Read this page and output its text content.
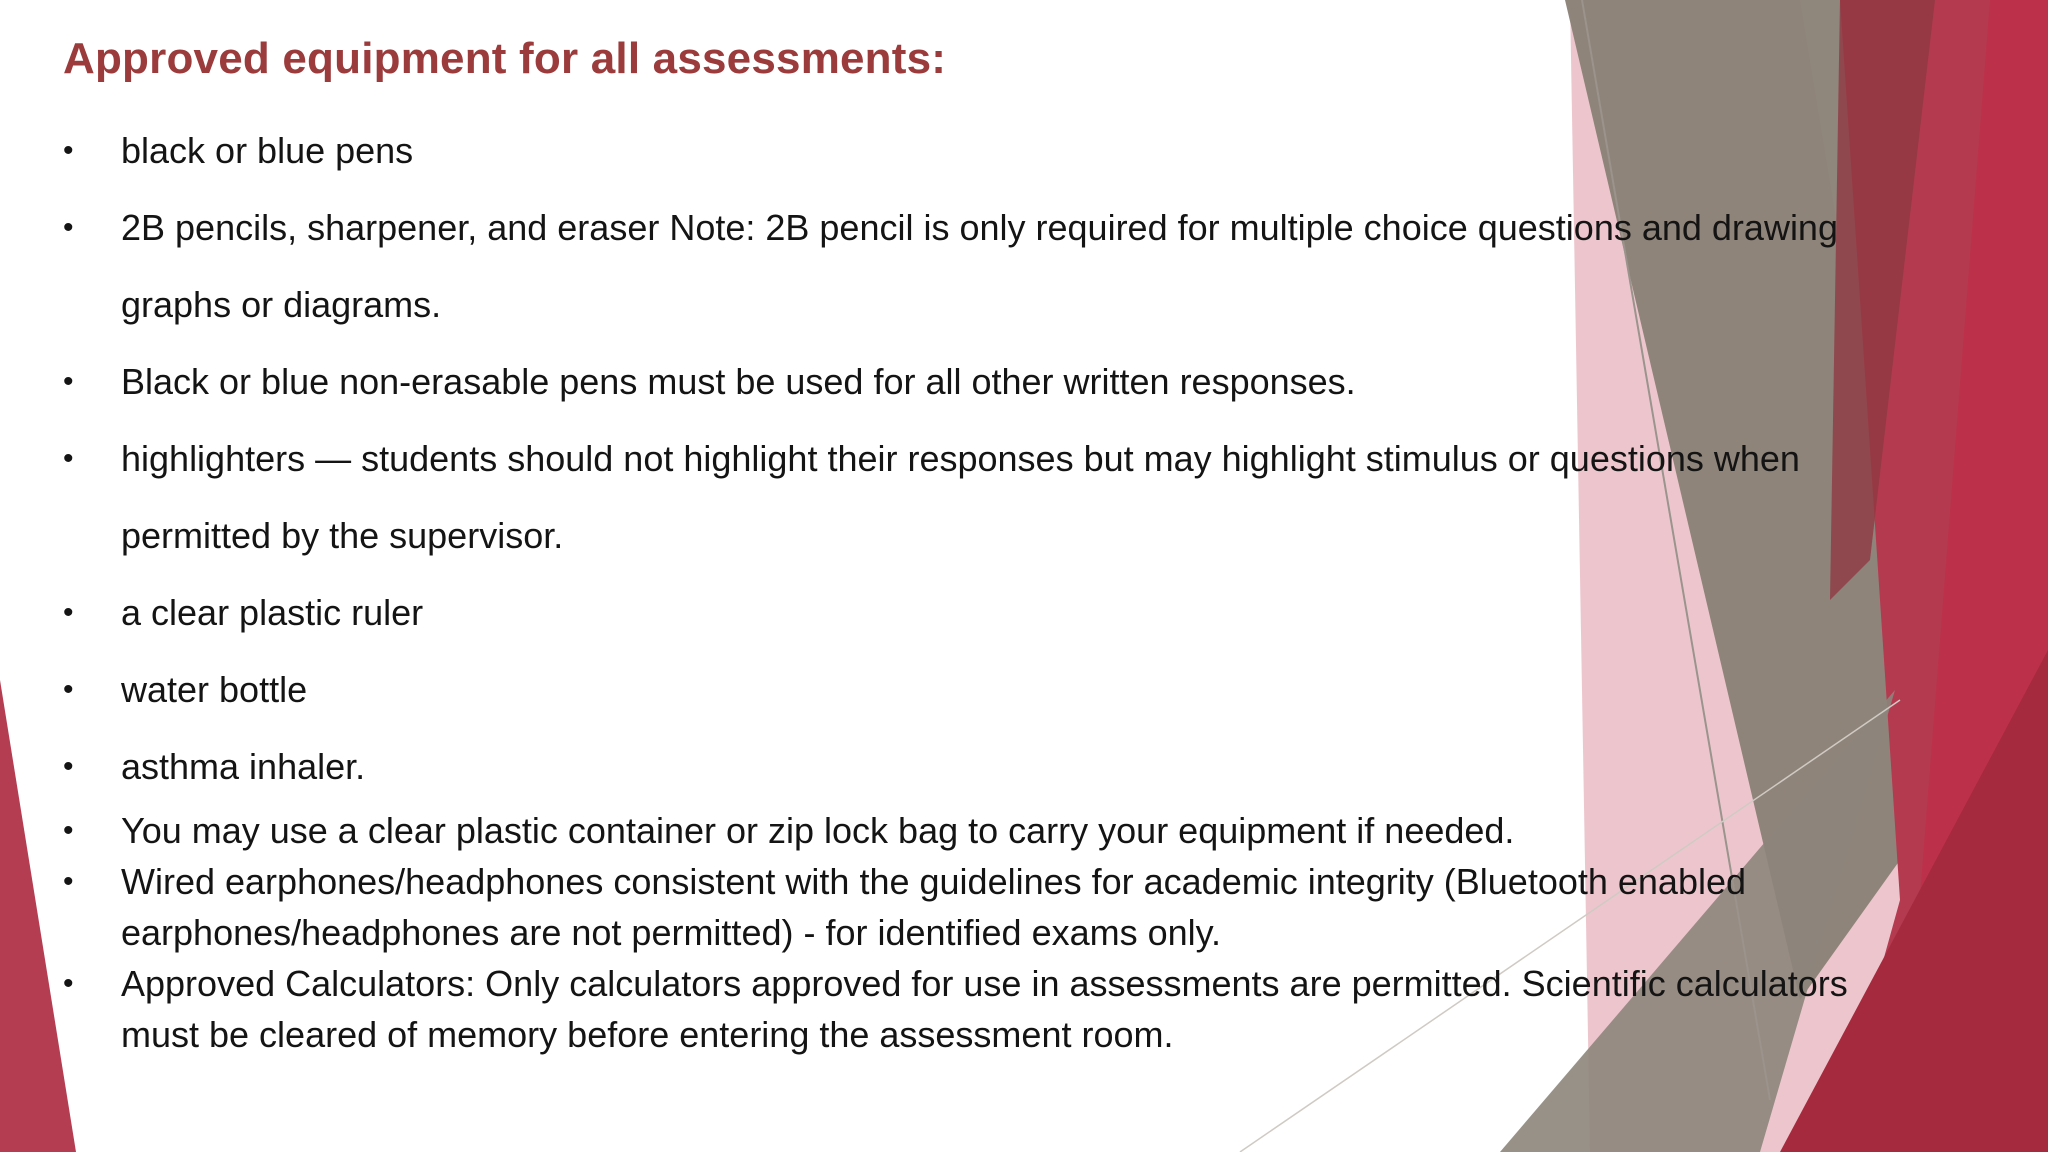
Approved equipment for all assessments:
• black or blue pens
• 2B pencils, sharpener, and eraser Note: 2B pencil is only required for multiple choice questions and drawing graphs or diagrams.
• Black or blue non-erasable pens must be used for all other written responses.
• highlighters — students should not highlight their responses but may highlight stimulus or questions when permitted by the supervisor.
• a clear plastic ruler
• water bottle
• asthma inhaler.
• You may use a clear plastic container or zip lock bag to carry your equipment if needed.
• Wired earphones/headphones consistent with the guidelines for academic integrity (Bluetooth enabled earphones/headphones are not permitted) - for identified exams only.
• Approved Calculators: Only calculators approved for use in assessments are permitted. Scientific calculators must be cleared of memory before entering the assessment room.
